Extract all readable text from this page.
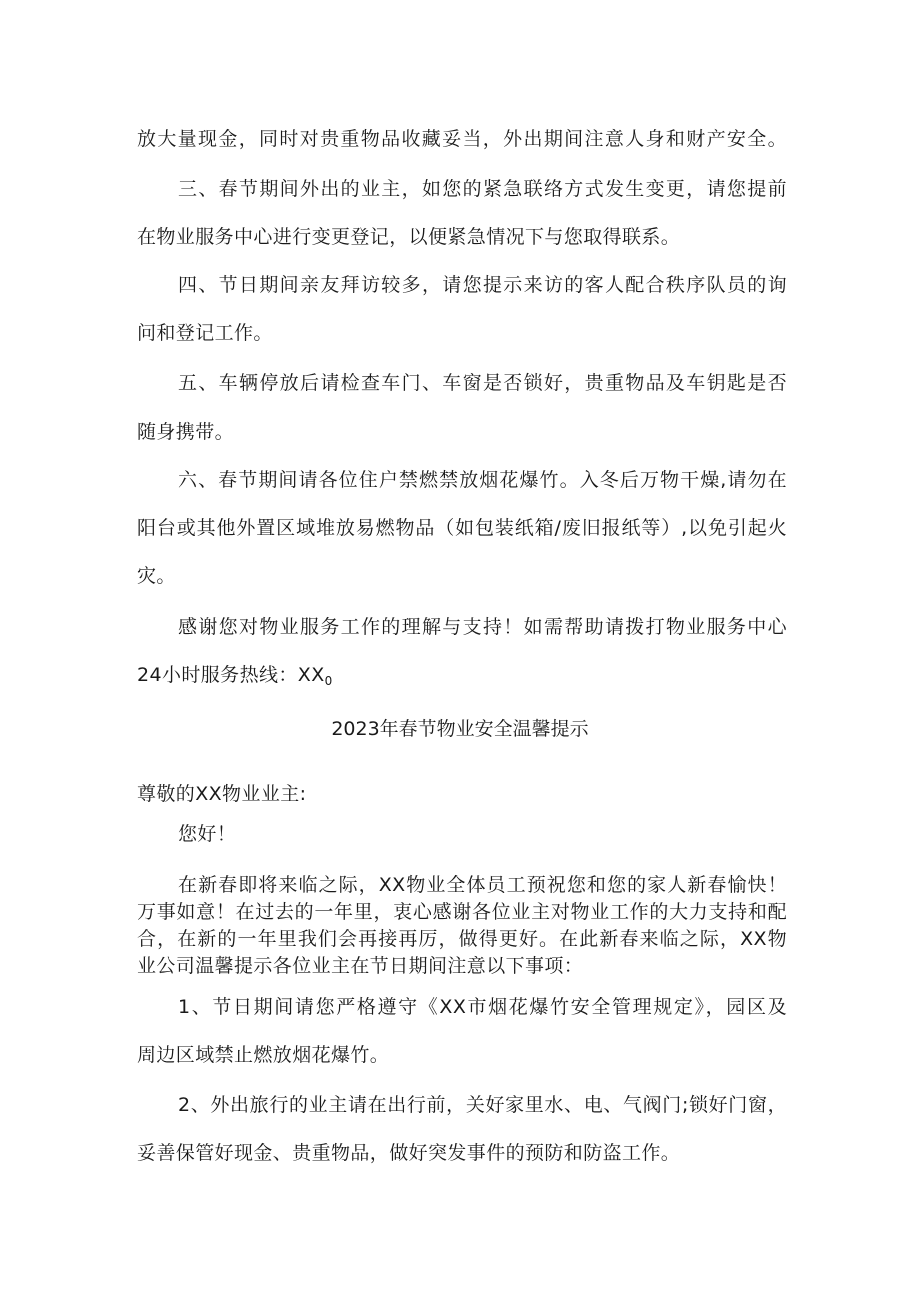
放大量现金，同时对贵重物品收藏妥当，外出期间注意人身和财产安全。
三、春节期间外出的业主，如您的紧急联络方式发生变更，请您提前
在物业服务中心进行变更登记，以便紧急情况下与您取得联系。
四、节日期间亲友拜访较多，请您提示来访的客人配合秩序队员的询
问和登记工作。
五、车辆停放后请检查车门、车窗是否锁好，贵重物品及车钥匙是否
随身携带。
六、春节期间请各位住户禁燃禁放烟花爆竹。入冬后万物干燥,请勿在
阳台或其他外置区域堆放易燃物品（如包装纸箱/废旧报纸等）,以免引起火
灾。
感谢您对物业服务工作的理解与支持！如需帮助请拨打物业服务中心
24小时服务热线：$XX_0$
2023年春节物业安全温馨提示
尊敬的XX物业业主:
您好！
在新春即将来临之际，XX物业全体员工预祝您和您的家人新春愉快！
万事如意！在过去的一年里，衷心感谢各位业主对物业工作的大力支持和配
合，在新的一年里我们会再接再厉，做得更好。在此新春来临之际，XX物
业公司温馨提示各位业主在节日期间注意以下事项：
1、节日期间请您严格遵守《XX市烟花爆竹安全管理规定》，园区及
周边区域禁止燃放烟花爆竹。
2、外出旅行的业主请在出行前，关好家里水、电、气阀门;锁好门窗，
妥善保管好现金、贵重物品，做好突发事件的预防和防盗工作。
